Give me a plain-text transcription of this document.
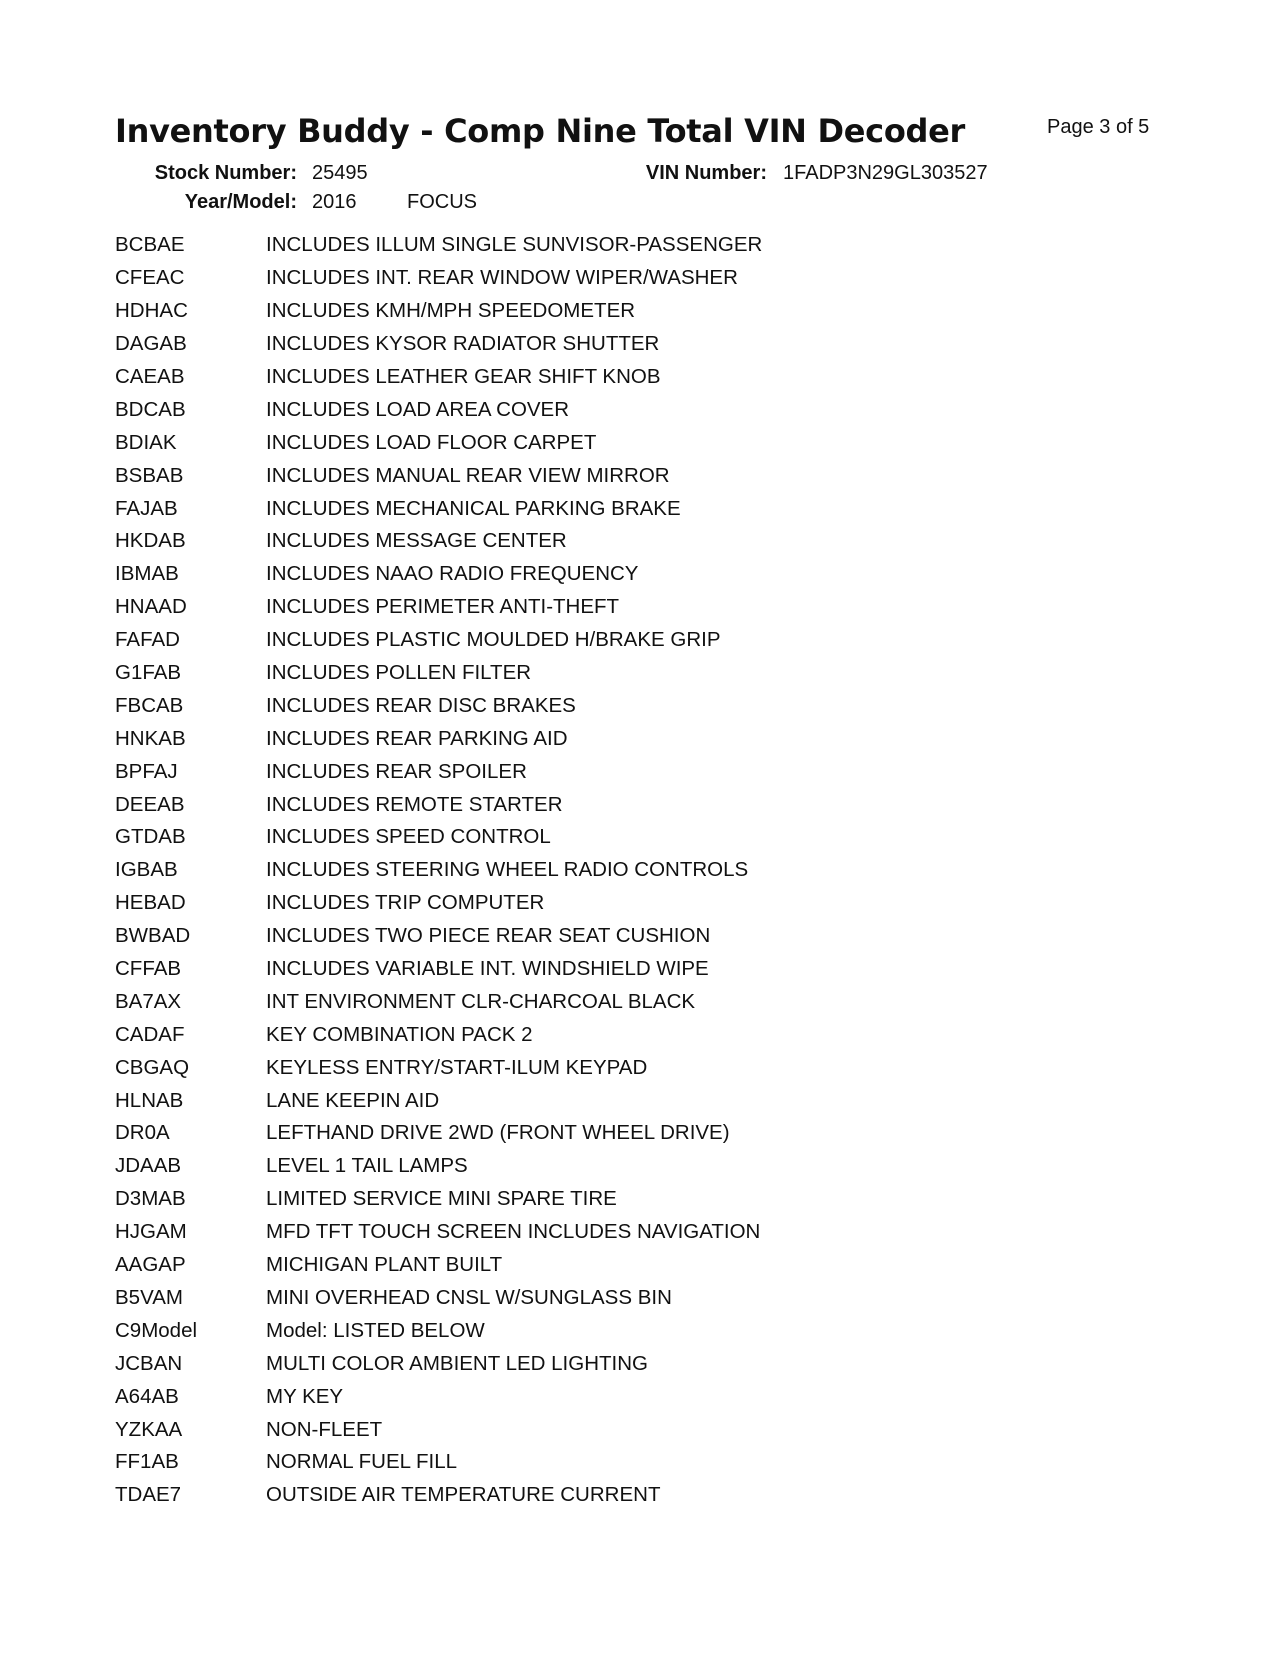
Inventory Buddy - Comp Nine Total VIN Decoder	Page 3 of 5
Stock Number: 25495
Year/Model: 2016	FOCUS
VIN Number: 1FADP3N29GL303527
BCBAE	INCLUDES ILLUM SINGLE SUNVISOR-PASSENGER
CFEAC	INCLUDES INT. REAR WINDOW WIPER/WASHER
HDHAC	INCLUDES KMH/MPH SPEEDOMETER
DAGAB	INCLUDES KYSOR RADIATOR SHUTTER
CAEAB	INCLUDES LEATHER GEAR SHIFT KNOB
BDCAB	INCLUDES LOAD AREA COVER
BDIAK	INCLUDES LOAD FLOOR CARPET
BSBAB	INCLUDES MANUAL REAR VIEW MIRROR
FAJAB	INCLUDES MECHANICAL PARKING BRAKE
HKDAB	INCLUDES MESSAGE CENTER
IBMAB	INCLUDES NAAO RADIO FREQUENCY
HNAAD	INCLUDES PERIMETER ANTI-THEFT
FAFAD	INCLUDES PLASTIC MOULDED H/BRAKE GRIP
G1FAB	INCLUDES POLLEN FILTER
FBCAB	INCLUDES REAR DISC BRAKES
HNKAB	INCLUDES REAR PARKING AID
BPFAJ	INCLUDES REAR SPOILER
DEEAB	INCLUDES REMOTE STARTER
GTDAB	INCLUDES SPEED CONTROL
IGBAB	INCLUDES STEERING WHEEL RADIO CONTROLS
HEBAD	INCLUDES TRIP COMPUTER
BWBAD	INCLUDES TWO PIECE REAR SEAT CUSHION
CFFAB	INCLUDES VARIABLE INT. WINDSHIELD WIPE
BA7AX	INT ENVIRONMENT CLR-CHARCOAL BLACK
CADAF	KEY COMBINATION PACK 2
CBGAQ	KEYLESS ENTRY/START-ILUM KEYPAD
HLNAB	LANE KEEPIN AID
DR0A	LEFTHAND DRIVE 2WD (FRONT WHEEL DRIVE)
JDAAB	LEVEL 1 TAIL LAMPS
D3MAB	LIMITED SERVICE MINI SPARE TIRE
HJGAM	MFD TFT TOUCH SCREEN INCLUDES NAVIGATION
AAGAP	MICHIGAN PLANT BUILT
B5VAM	MINI OVERHEAD CNSL W/SUNGLASS BIN
C9Model	Model: LISTED BELOW
JCBAN	MULTI COLOR AMBIENT LED LIGHTING
A64AB	MY KEY
YZKAA	NON-FLEET
FF1AB	NORMAL FUEL FILL
TDAE7	OUTSIDE AIR TEMPERATURE CURRENT
